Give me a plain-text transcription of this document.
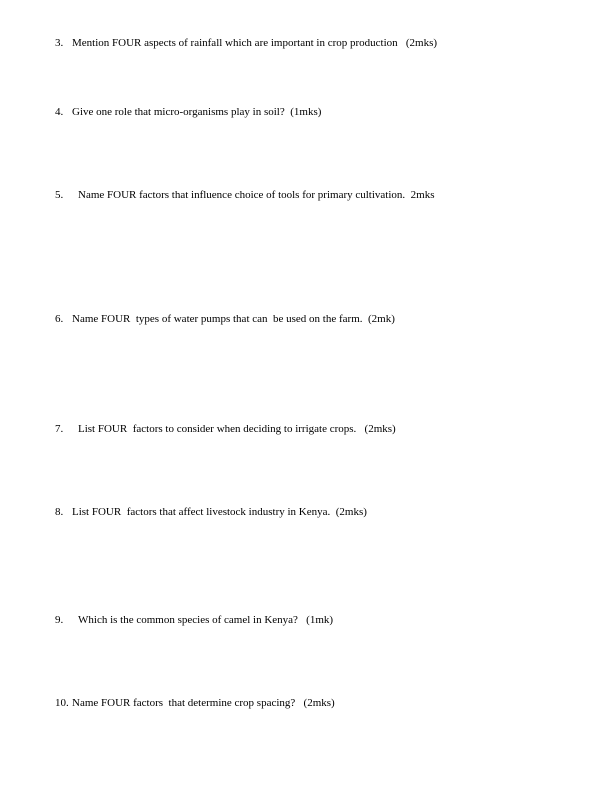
3. Mention FOUR aspects of rainfall which are important in crop production   (2mks)
4. Give one role that micro-organisms play in soil?  (1mks)
5.	Name FOUR factors that influence choice of tools for primary cultivation.  2mks
6. Name FOUR  types of water pumps that can  be used on the farm.  (2mk)
7.	List FOUR  factors to consider when deciding to irrigate crops.   (2mks)
8. List FOUR  factors that affect livestock industry in Kenya.  (2mks)
9.	Which is the common species of camel in Kenya?   (1mk)
10. Name FOUR factors  that determine crop spacing?   (2mks)
